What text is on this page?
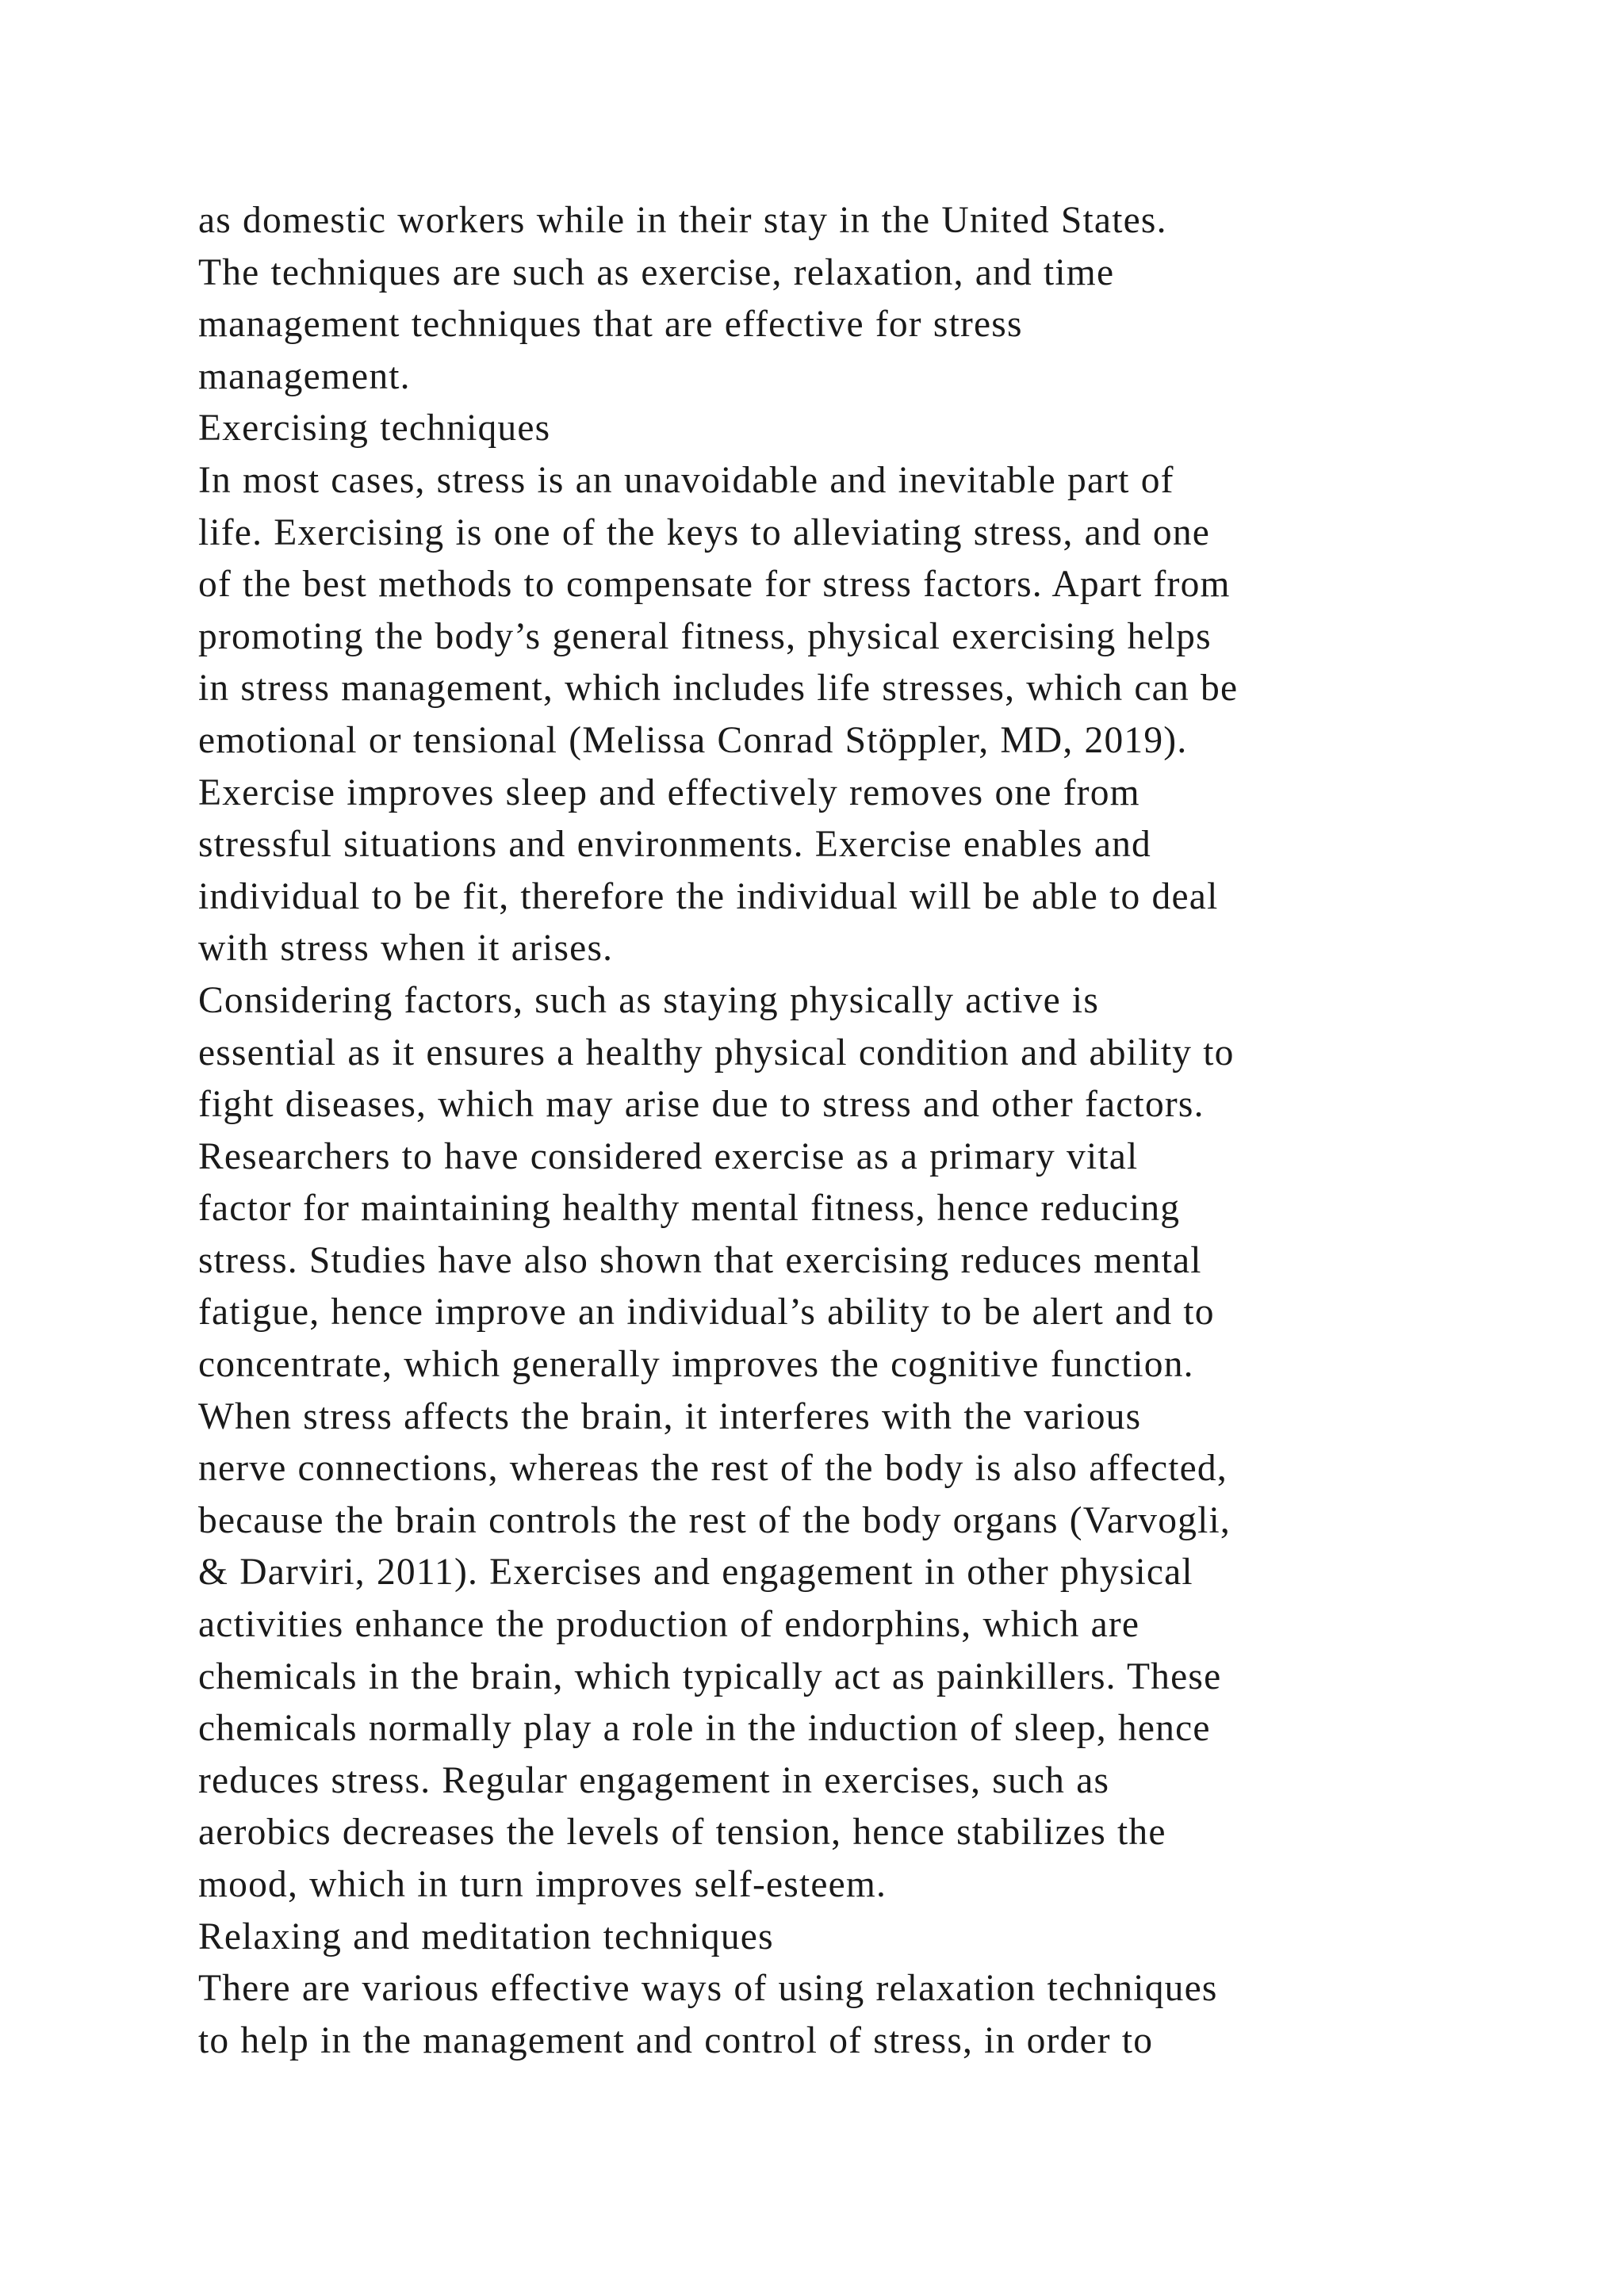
as domestic workers while in their stay in the United States.
The techniques are such as exercise, relaxation, and time
management techniques that are effective for stress
management.
Exercising techniques
In most cases, stress is an unavoidable and inevitable part of
life. Exercising is one of the keys to alleviating stress, and one
of the best methods to compensate for stress factors. Apart from
promoting the body’s general fitness, physical exercising helps
in stress management, which includes life stresses, which can be
emotional or tensional (Melissa Conrad Stöppler, MD, 2019).
Exercise improves sleep and effectively removes one from
stressful situations and environments. Exercise enables and
individual to be fit, therefore the individual will be able to deal
with stress when it arises.
Considering factors, such as staying physically active is
essential as it ensures a healthy physical condition and ability to
fight diseases, which may arise due to stress and other factors.
Researchers to have considered exercise as a primary vital
factor for maintaining healthy mental fitness, hence reducing
stress. Studies have also shown that exercising reduces mental
fatigue, hence improve an individual’s ability to be alert and to
concentrate, which generally improves the cognitive function.
When stress affects the brain, it interferes with the various
nerve connections, whereas the rest of the body is also affected,
because the brain controls the rest of the body organs (Varvogli,
& Darviri, 2011). Exercises and engagement in other physical
activities enhance the production of endorphins, which are
chemicals in the brain, which typically act as painkillers. These
chemicals normally play a role in the induction of sleep, hence
reduces stress. Regular engagement in exercises, such as
aerobics decreases the levels of tension, hence stabilizes the
mood, which in turn improves self-esteem.
Relaxing and meditation techniques
There are various effective ways of using relaxation techniques
to help in the management and control of stress, in order to
